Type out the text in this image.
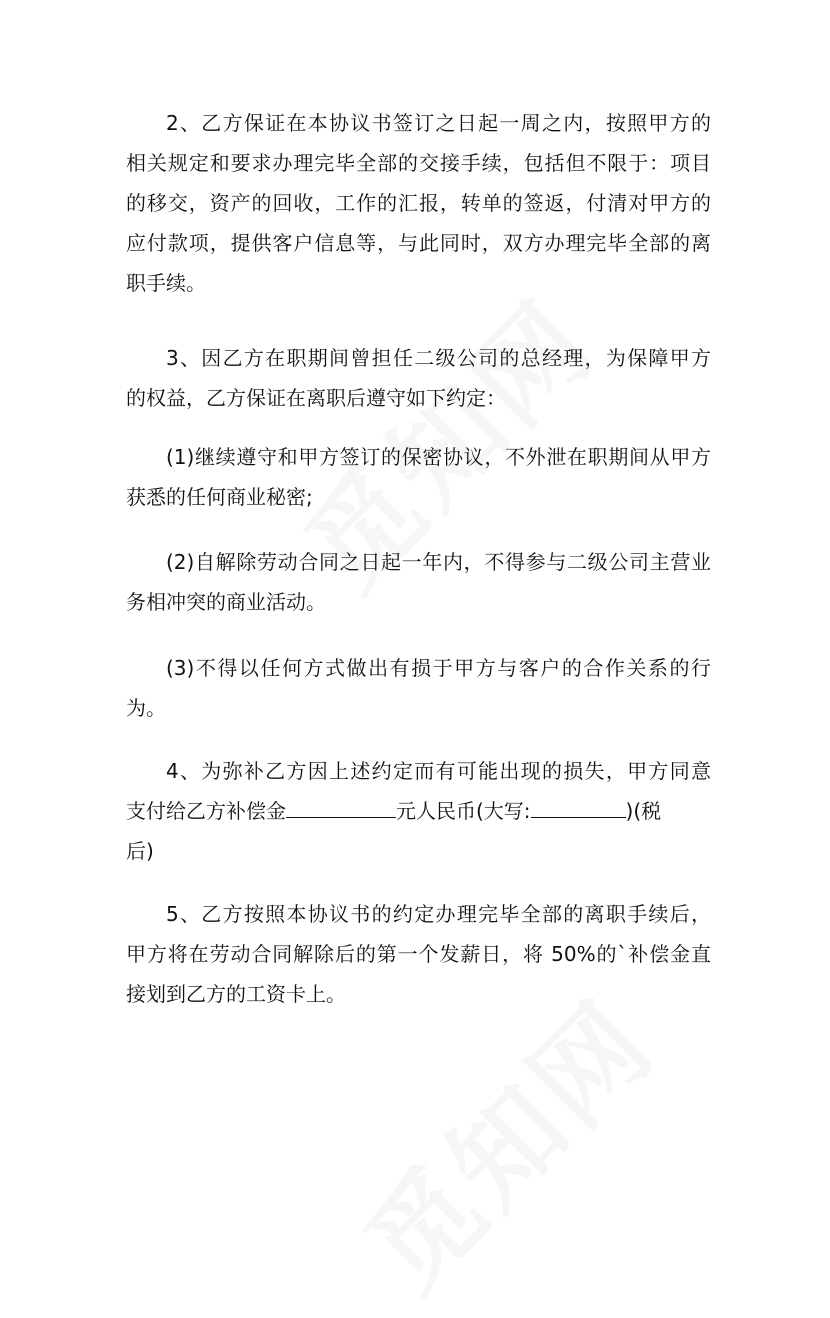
2、乙方保证在本协议书签订之日起一周之内，按照甲方的
相关规定和要求办理完毕全部的交接手续，包括但不限于：项目
的移交，资产的回收，工作的汇报，转单的签返，付清对甲方的
应付款项，提供客户信息等，与此同时，双方办理完毕全部的离
职手续。

3、因乙方在职期间曾担任二级公司的总经理，为保障甲方
的权益，乙方保证在离职后遵守如下约定：

(1)继续遵守和甲方签订的保密协议，不外泄在职期间从甲方
获悉的任何商业秘密;

(2)自解除劳动合同之日起一年内，不得参与二级公司主营业
务相冲突的商业活动。

(3)不得以任何方式做出有损于甲方与客户的合作关系的行
为。

4、为弥补乙方因上述约定而有可能出现的损失，甲方同意
支付给乙方补偿金	元人民币(大写:	)(税
后)

5、乙方按照本协议书的约定办理完毕全部的离职手续后，
甲方将在劳动合同解除后的第一个发薪日，将 50%的`补偿金直
接划到乙方的工资卡上。
